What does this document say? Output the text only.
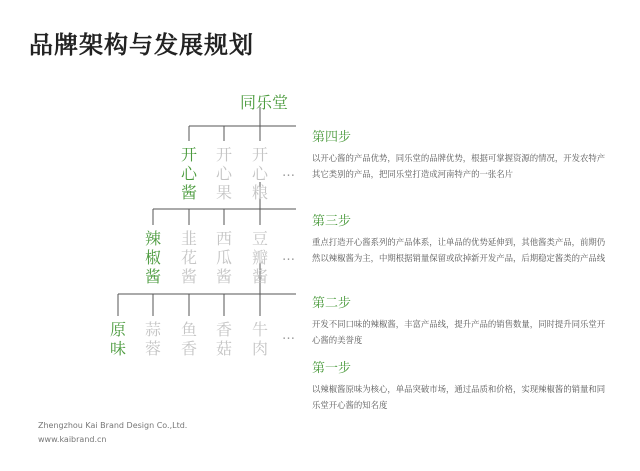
品牌架构与发展规划
同乐堂
开
心
酱
开
心
果
开
心
粮
…
辣
椒
酱
韭
花
酱
西
瓜
酱
豆
瓣
酱
…
原
味
蒜
蓉
鱼
香
香
菇
牛
肉
…
第四步
以开心酱的产品优势，同乐堂的品牌优势，根据可掌握资源的情况，开发农特产其它类别的产品，把同乐堂打造成河南特产的一张名片
第三步
重点打造开心酱系列的产品体系，让单品的优势延伸到，其他酱类产品，前期仍然以辣椒酱为主，中期根据销量保留或砍掉新开发产品，后期稳定酱类的产品线
第二步
开发不同口味的辣椒酱，丰富产品线，提升产品的销售数量，同时提升同乐堂开心酱的美誉度
第一步
以辣椒酱原味为核心，单品突破市场，通过品质和价格，实现辣椒酱的销量和同乐堂开心酱的知名度
Zhengzhou Kai Brand Design Co.,Ltd.
www.kaibrand.cn
